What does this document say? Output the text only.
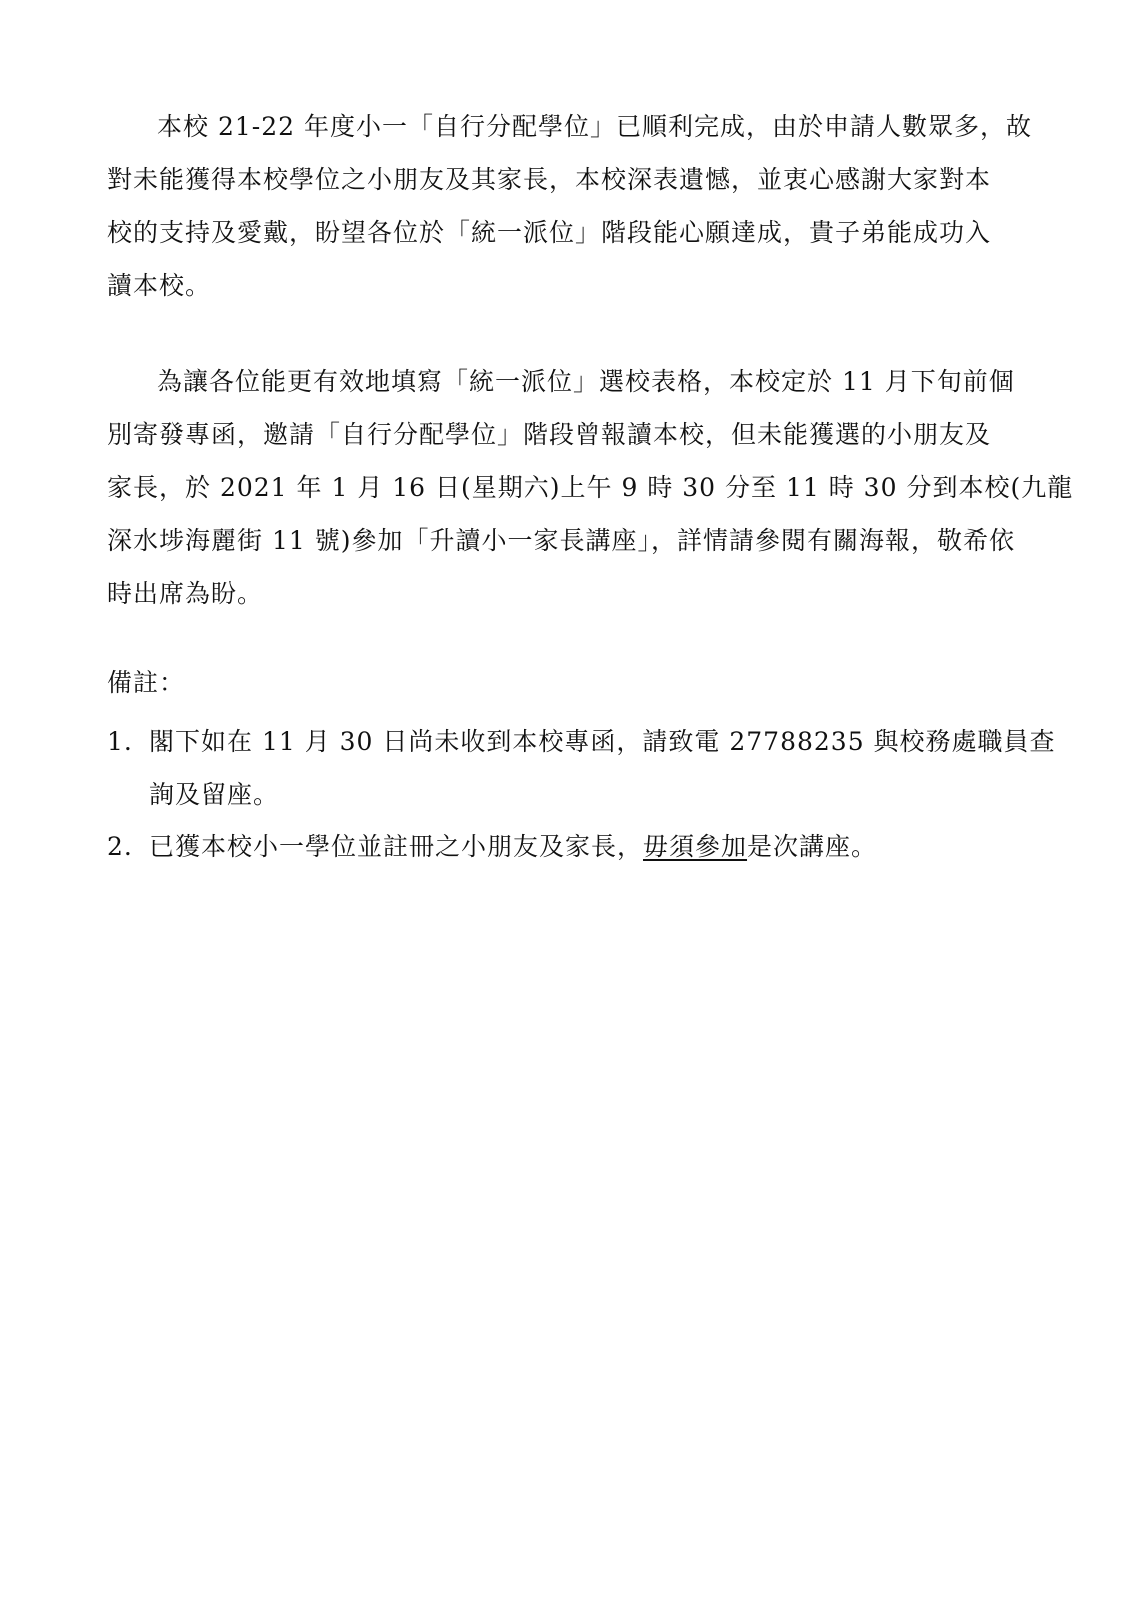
本校 21-22 年度小一「自行分配學位」已順利完成，由於申請人數眾多，故
對未能獲得本校學位之小朋友及其家長，本校深表遺憾，並衷心感謝大家對本
校的支持及愛戴，盼望各位於「統一派位」階段能心願達成，貴子弟能成功入
讀本校。
為讓各位能更有效地填寫「統一派位」選校表格，本校定於 11 月下旬前個
別寄發專函，邀請「自行分配學位」階段曾報讀本校，但未能獲選的小朋友及
家長，於 2021 年 1 月 16 日(星期六)上午 9 時 30 分至 11 時 30 分到本校(九龍
深水埗海麗街 11 號)參加「升讀小一家長講座」，詳情請參閱有關海報，敬希依
時出席為盼。
備註：
1. 閣下如在 11 月 30 日尚未收到本校專函，請致電 27788235 與校務處職員查
詢及留座。
2. 已獲本校小一學位並註冊之小朋友及家長，毋須參加是次講座。
